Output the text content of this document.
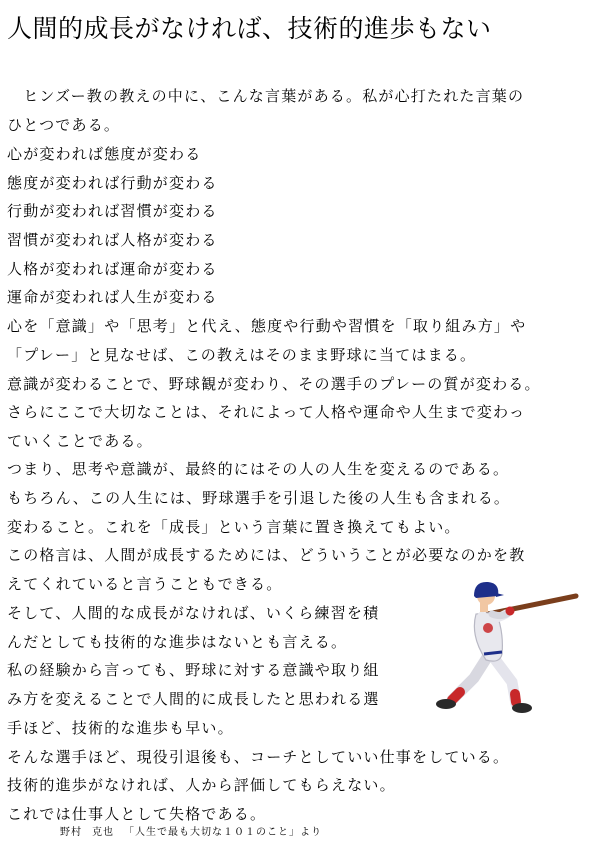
人間的成長がなければ、技術的進歩もない
　ヒンズー教の教えの中に、こんな言葉がある。私が心打たれた言葉の
ひとつである。
心が変われば態度が変わる
態度が変われば行動が変わる
行動が変われば習慣が変わる
習慣が変われば人格が変わる
人格が変われば運命が変わる
運命が変われば人生が変わる
心を「意識」や「思考」と代え、態度や行動や習慣を「取り組み方」や
「プレー」と見なせば、この教えはそのまま野球に当てはまる。
意識が変わることで、野球観が変わり、その選手のプレーの質が変わる。
さらにここで大切なことは、それによって人格や運命や人生まで変わっ
ていくことである。
つまり、思考や意識が、最終的にはその人の人生を変えるのである。
もちろん、この人生には、野球選手を引退した後の人生も含まれる。
変わること。これを「成長」という言葉に置き換えてもよい。
この格言は、人間が成長するためには、どういうことが必要なのかを教
えてくれていると言うこともできる。
そして、人間的な成長がなければ、いくら練習を積
んだとしても技術的な進歩はないとも言える。
私の経験から言っても、野球に対する意識や取り組
み方を変えることで人間的に成長したと思われる選
手ほど、技術的な進歩も早い。
そんな選手ほど、現役引退後も、コーチとしていい仕事をしている。
技術的進歩がなければ、人から評価してもらえない。
これでは仕事人として失格である。
野村 克也 「人生で最も大切な１０１のこと」より
